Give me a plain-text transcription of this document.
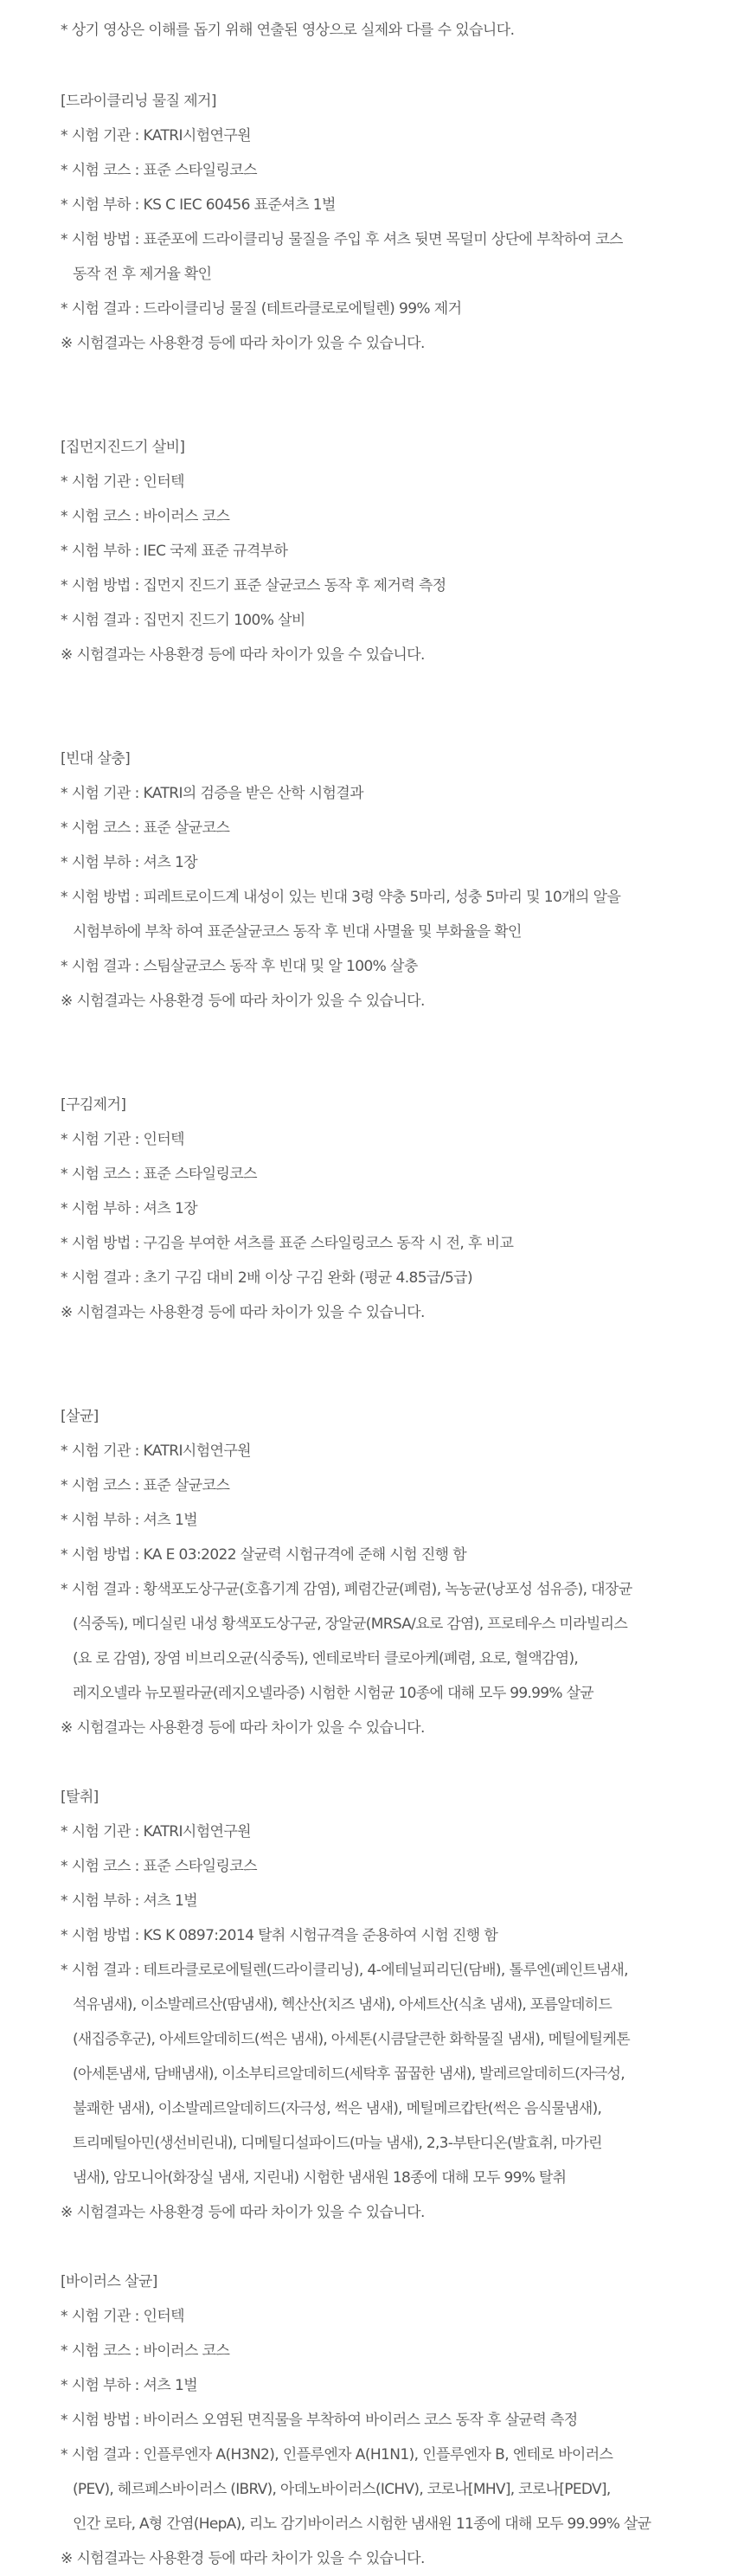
* 상기 영상은 이해를 돕기 위해 연출된 영상으로 실제와 다를 수 있습니다.
[드라이클리닝 물질 제거]
* 시험 기관 : KATRI시험연구원
* 시험 코스 : 표준 스타일링코스
* 시험 부하 : KS C IEC 60456 표준셔츠 1벌
* 시험 방법 : 표준포에 드라이클리닝 물질을 주입 후 셔츠 뒷면 목덜미 상단에 부착하여 코스
동작 전 후 제거율 확인
* 시험 결과 : 드라이클리닝 물질 (테트라클로로에틸렌) 99% 제거
※ 시험결과는 사용환경 등에 따라 차이가 있을 수 있습니다.
[집먼지진드기 살비]
* 시험 기관 : 인터텍
* 시험 코스 : 바이러스 코스
* 시험 부하 : IEC 국제 표준 규격부하
* 시험 방법 : 집먼지 진드기 표준 살균코스 동작 후 제거력 측정
* 시험 결과 : 집먼지 진드기 100% 살비
※ 시험결과는 사용환경 등에 따라 차이가 있을 수 있습니다.
[빈대 살충]
* 시험 기관 : KATRI의 검증을 받은 산학 시험결과
* 시험 코스 : 표준 살균코스
* 시험 부하 : 셔츠 1장
* 시험 방법 : 피레트로이드계 내성이 있는 빈대 3령 약충 5마리, 성충 5마리 및 10개의 알을
시험부하에 부착 하여 표준살균코스 동작 후 빈대 사멸율 및 부화율을 확인
* 시험 결과 : 스팀살균코스 동작 후 빈대 및 알 100% 살충
※ 시험결과는 사용환경 등에 따라 차이가 있을 수 있습니다.
[구김제거]
* 시험 기관 : 인터텍
* 시험 코스 : 표준 스타일링코스
* 시험 부하 : 셔츠 1장
* 시험 방법 : 구김을 부여한 셔츠를 표준 스타일링코스 동작 시 전, 후 비교
* 시험 결과 : 초기 구김 대비 2배 이상 구김 완화 (평균 4.85급/5급)
※ 시험결과는 사용환경 등에 따라 차이가 있을 수 있습니다.
[살균]
* 시험 기관 : KATRI시험연구원
* 시험 코스 : 표준 살균코스
* 시험 부하 : 셔츠 1벌
* 시험 방법 : KA E 03:2022 살균력 시험규격에 준해 시험 진행 함
* 시험 결과 : 황색포도상구균(호흡기계 감염), 폐렴간균(폐렴), 녹농균(낭포성 섬유증), 대장균
(식중독), 메디실린 내성 황색포도상구균, 장알균(MRSA/요로 감염), 프로테우스 미라빌리스
(요 로 감염), 장염 비브리오균(식중독), 엔테로박터 클로아케(폐렴, 요로, 혈액감염),
레지오넬라 뉴모필라균(레지오넬라증) 시험한 시험균 10종에 대해 모두 99.99% 살균
※ 시험결과는 사용환경 등에 따라 차이가 있을 수 있습니다.
[탈취]
* 시험 기관 : KATRI시험연구원
* 시험 코스 : 표준 스타일링코스
* 시험 부하 : 셔츠 1벌
* 시험 방법 : KS K 0897:2014 탈취 시험규격을 준용하여 시험 진행 함
* 시험 결과 : 테트라클로로에틸렌(드라이클리닝), 4-에테닐피리딘(담배), 톨루엔(페인트냄새,
석유냄새), 이소발레르산(땀냄새), 헥산산(치즈 냄새), 아세트산(식초 냄새), 포름알데히드
(새집증후군), 아세트알데히드(썩은 냄새), 아세톤(시큼달큰한 화학물질 냄새), 메틸에틸케톤
(아세톤냄새, 담배냄새), 이소부티르알데히드(세탁후 꿉꿉한 냄새), 발레르알데히드(자극성,
불쾌한 냄새), 이소발레르알데히드(자극성, 썩은 냄새), 메틸메르캅탄(썩은 음식물냄새),
트리메틸아민(생선비린내), 디메틸디설파이드(마늘 냄새), 2,3-부탄디온(발효취, 마가린
냄새), 암모니아(화장실 냄새, 지린내) 시험한 냄새원 18종에 대해 모두 99% 탈취
※ 시험결과는 사용환경 등에 따라 차이가 있을 수 있습니다.
[바이러스 살균]
* 시험 기관 : 인터텍
* 시험 코스 : 바이러스 코스
* 시험 부하 : 셔츠 1벌
* 시험 방법 : 바이러스 오염된 면직물을 부착하여 바이러스 코스 동작 후 살균력 측정
* 시험 결과 : 인플루엔자 A(H3N2), 인플루엔자 A(H1N1), 인플루엔자 B, 엔테로 바이러스
(PEV), 헤르페스바이러스 (IBRV), 아데노바이러스(ICHV), 코로나[MHV], 코로나[PEDV],
인간 로타, A형 간염(HepA), 리노 감기바이러스 시험한 냄새원 11종에 대해 모두 99.99% 살균
※ 시험결과는 사용환경 등에 따라 차이가 있을 수 있습니다.
